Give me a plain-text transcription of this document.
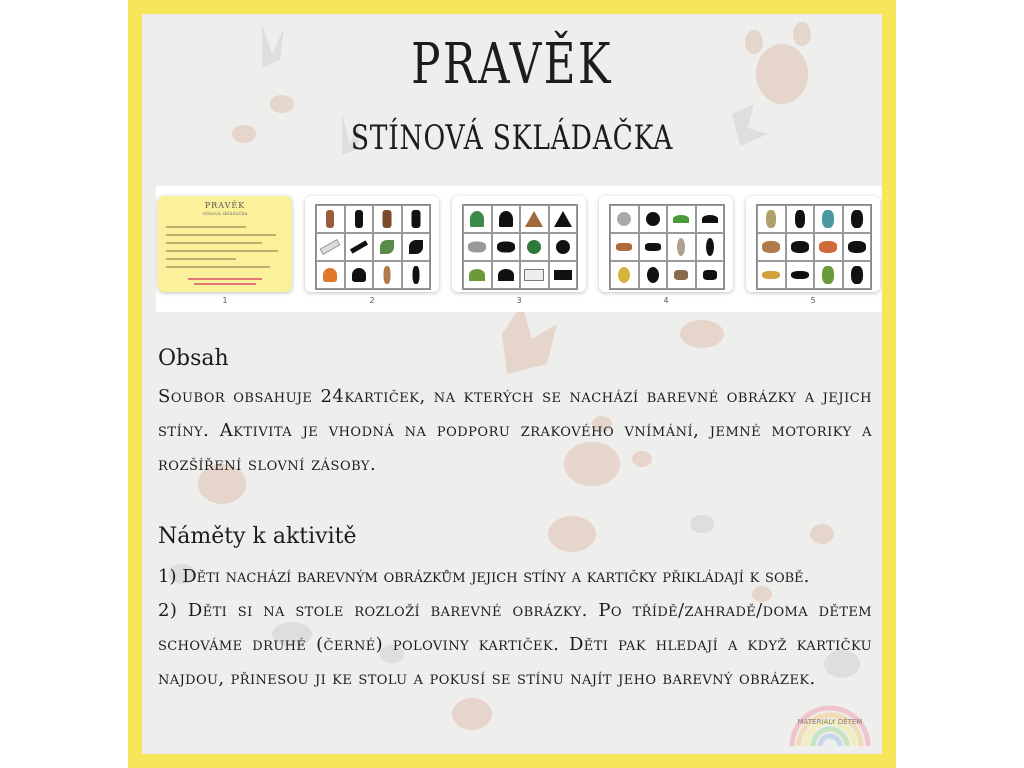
PRAVĚK
STÍNOVÁ SKLÁDAČKA
PRAVĚK
stínová skládačka
1	2	3	4	5
Obsah

Soubor obsahuje 24kartiček, na kterých se nachází barevné obrázky a jejich stíny. Aktivita je vhodná na podporu zrakového vnímání, jemné motoriky a rozšíření slovní zásoby.

Náměty k aktivitě

1) Děti nachází barevným obrázkům jejich stíny a kartičky přikládají k sobě.

2) Děti si na stole rozloží barevné obrázky. Po třídě/zahradě/doma dětem schováme druhé (černé) poloviny kartiček. Děti pak hledají a když kartičku najdou, přinesou ji ke stolu a pokusí se stínu najít jeho barevný obrázek.

MATERIÁLY DĚTEM
